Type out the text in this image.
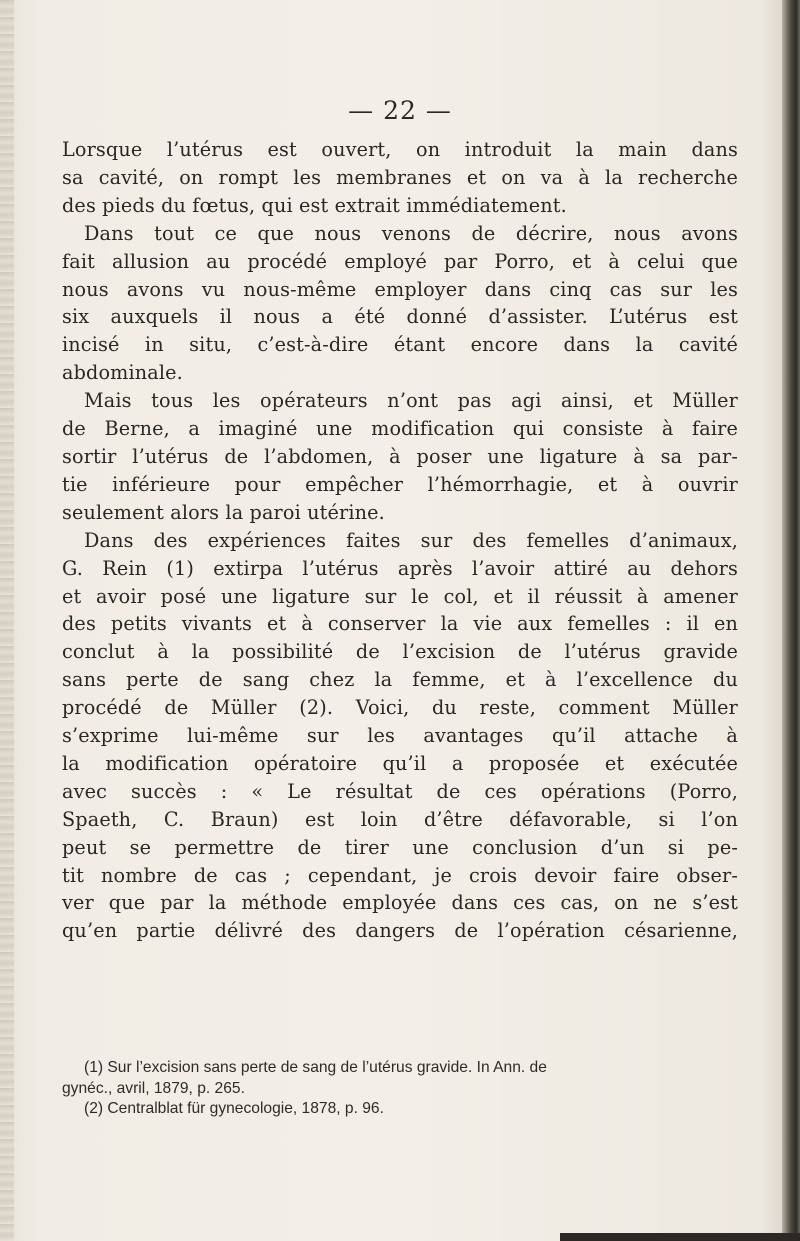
— 22 —
Lorsque l’utérus est ouvert, on introduit la main dans
sa cavité, on rompt les membranes et on va à la recherche
des pieds du fœtus, qui est extrait immédiatement.
Dans tout ce que nous venons de décrire, nous avons
fait allusion au procédé employé par Porro, et à celui que
nous avons vu nous-même employer dans cinq cas sur les
six auxquels il nous a été donné d’assister. L’utérus est
incisé in situ, c’est-à-dire étant encore dans la cavité
abdominale.
Mais tous les opérateurs n’ont pas agi ainsi, et Müller
de Berne, a imaginé une modification qui consiste à faire
sortir l’utérus de l’abdomen, à poser une ligature à sa par-
tie inférieure pour empêcher l’hémorrhagie, et à ouvrir
seulement alors la paroi utérine.
Dans des expériences faites sur des femelles d’animaux,
G. Rein (1) extirpa l’utérus après l’avoir attiré au dehors
et avoir posé une ligature sur le col, et il réussit à amener
des petits vivants et à conserver la vie aux femelles : il en
conclut à la possibilité de l’excision de l’utérus gravide
sans perte de sang chez la femme, et à l’excellence du
procédé de Müller (2). Voici, du reste, comment Müller
s’exprime lui-même sur les avantages qu’il attache à
la modification opératoire qu’il a proposée et exécutée
avec succès : « Le résultat de ces opérations (Porro,
Spaeth, C. Braun) est loin d’être défavorable, si l’on
peut se permettre de tirer une conclusion d’un si pe-
tit nombre de cas ; cependant, je crois devoir faire obser-
ver que par la méthode employée dans ces cas, on ne s’est
qu’en partie délivré des dangers de l’opération césarienne,
(1) Sur l’excision sans perte de sang de l’utérus gravide. In Ann. de
gynéc., avril, 1879, p. 265.
(2) Centralblat für gynecologie, 1878, p. 96.
